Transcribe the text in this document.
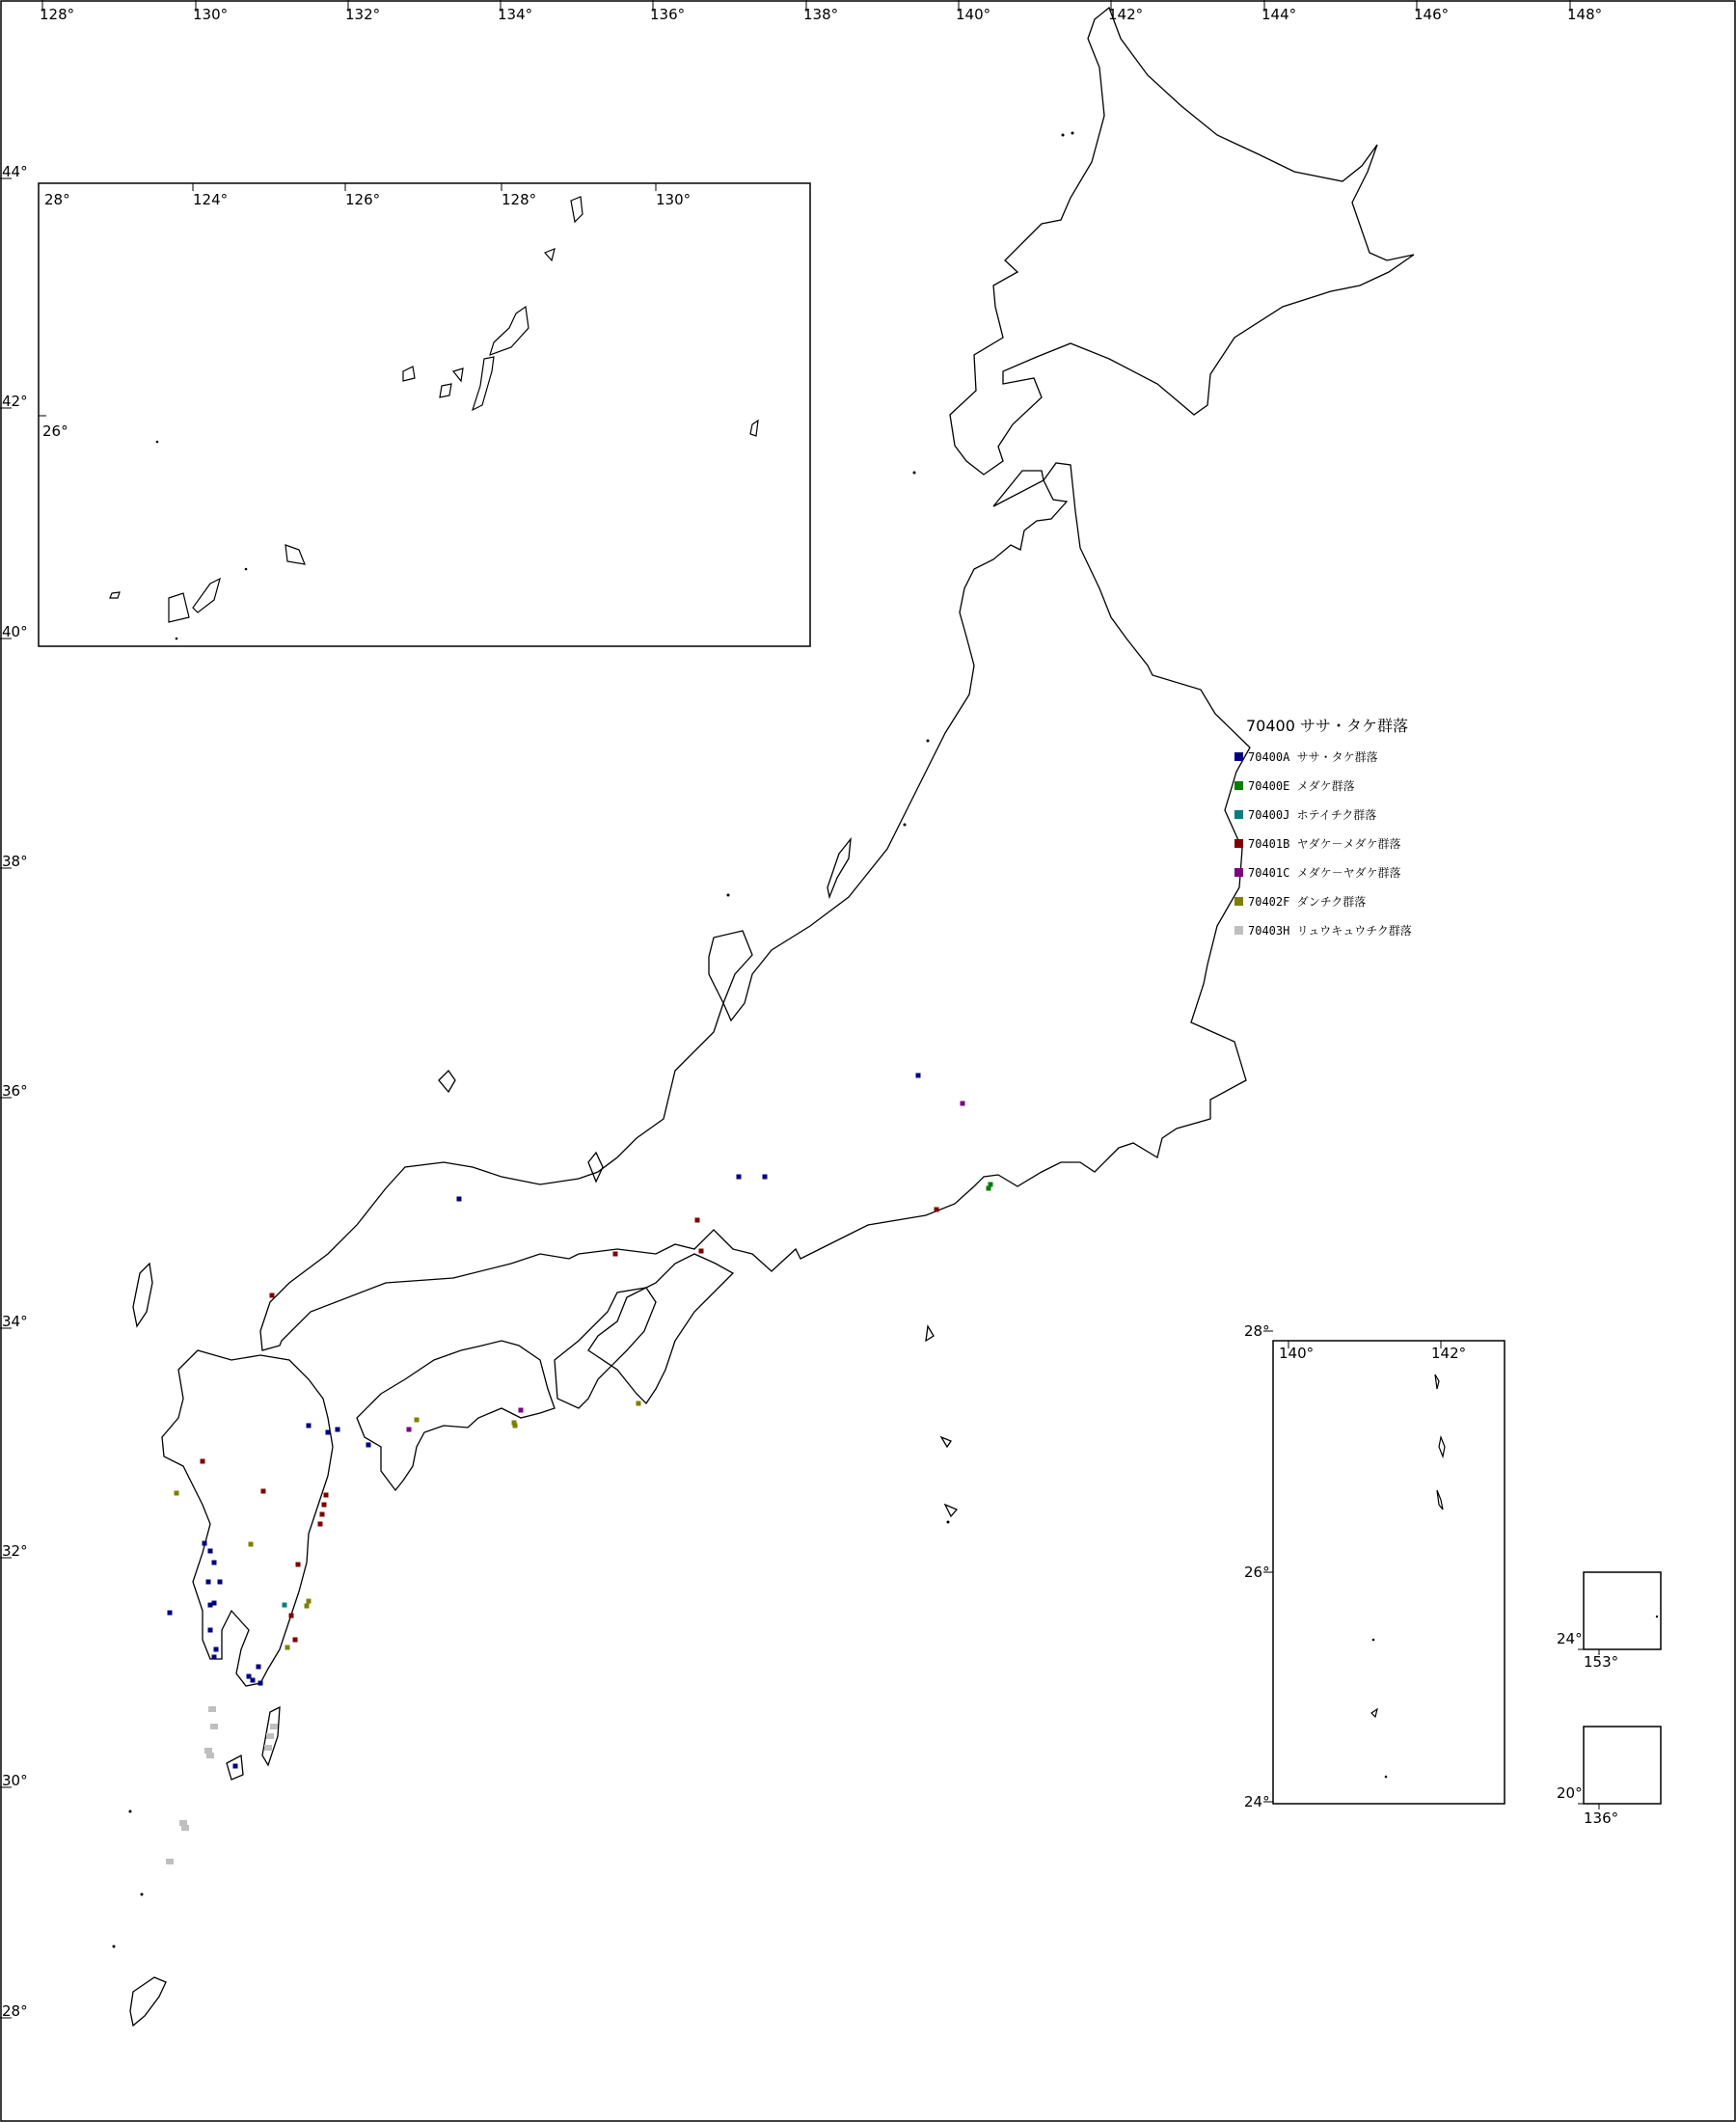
128°	130°	132°	134°	136°	138°	140°	142°	144°	146°	148°
44°
42°
40°
38°
36°
34°
32°
30°
28°
28°	124°	126°	128°	130°
26°
140°	142°
28°
26°
24°
24°
153°
20°
136°
70400 ササ・タケ群落
70400A ササ・タケ群落
70400E メダケ群落
70400J ホテイチク群落
70401B ヤダケ－メダケ群落
70401C メダケ－ヤダケ群落
70402F ダンチク群落
70403H リュウキュウチク群落
